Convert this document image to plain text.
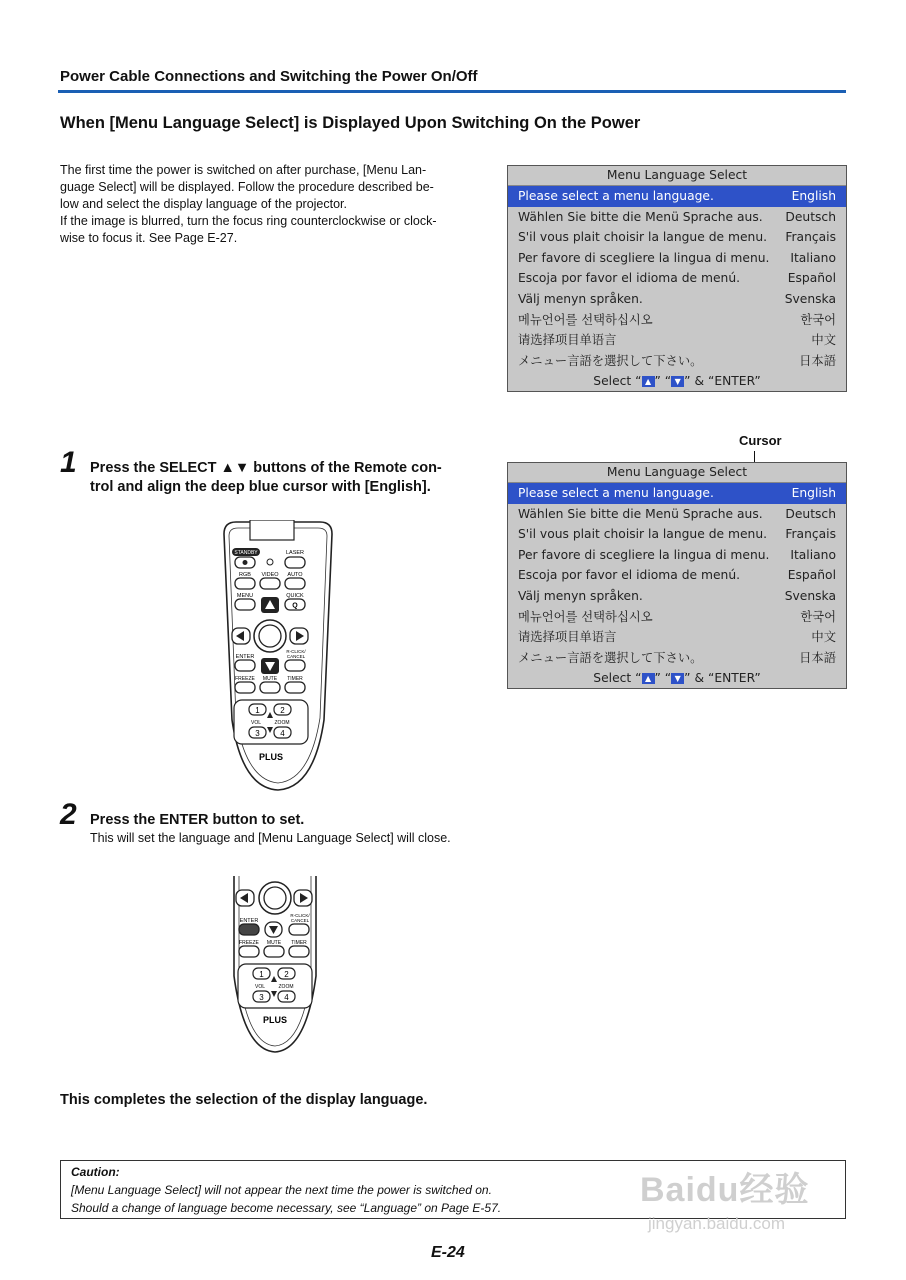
Power Cable Connections and Switching the Power On/Off
When [Menu Language Select] is Displayed Upon Switching On the Power

The first time the power is switched on after purchase, [Menu Lan-

guage Select] will be displayed. Follow the procedure described be-

low and select the display language of the projector.

If the image is blurred, turn the focus ring counterclockwise or clock-

wise to focus it. See Page E-27.

Menu Language Select
Please select a menu language.	English
Wählen Sie bitte die Menü Sprache aus. Deutsch
S'il vous plait choisir la langue de menu. Français
Per favore di scegliere la lingua di menu. Italiano
Escoja por favor el idioma de menú.	Español
Välj menyn språken.	Svenska
메뉴언어를 선택하십시오	한국어
请选择项目单语言	中文
メニュー言語を選択して下さい。	日本語
Select “ ▲ ” “ ▼ ” & “ENTER”
Cursor
Menu Language Select
Please select a menu language.	English
Wählen Sie bitte die Menü Sprache aus. Deutsch
S'il vous plait choisir la langue de menu. Français
Per favore di scegliere la lingua di menu. Italiano
Escoja por favor el idioma de menú.	Español
Välj menyn språken.	Svenska
메뉴언어를 선택하십시오	한국어
请选择项目单语言	中文
メニュー言語を選択して下さい。	日本語
Select “ ▲ ” “ ▼ ” & “ENTER”
1 Press the SELECT ▲▼ buttons of the Remote con-
trol and align the deep blue cursor with [English].
STANDBY	LASER
RGB VIDEO AUTO
MENU	QUICK
Q
R-CLICK/
CANCEL
ENTER
FREEZE MUTE TIMER
1	2
VOL	ZOOM
3	4
PLUS
2 Press the ENTER button to set.
This will set the language and [Menu Language Select] will close.
R-CLICK/
CANCEL
ENTER
FREEZE MUTE TIMER
1	2
VOL	ZOOM
3	4
PLUS
This completes the selection of the display language.
Caution:
[Menu Language Select] will not appear the next time the power is switched on.
Should a change of language become necessary, see “Language” on Page E-57.	Baidu经验
jingyan.baidu.com
E-24
